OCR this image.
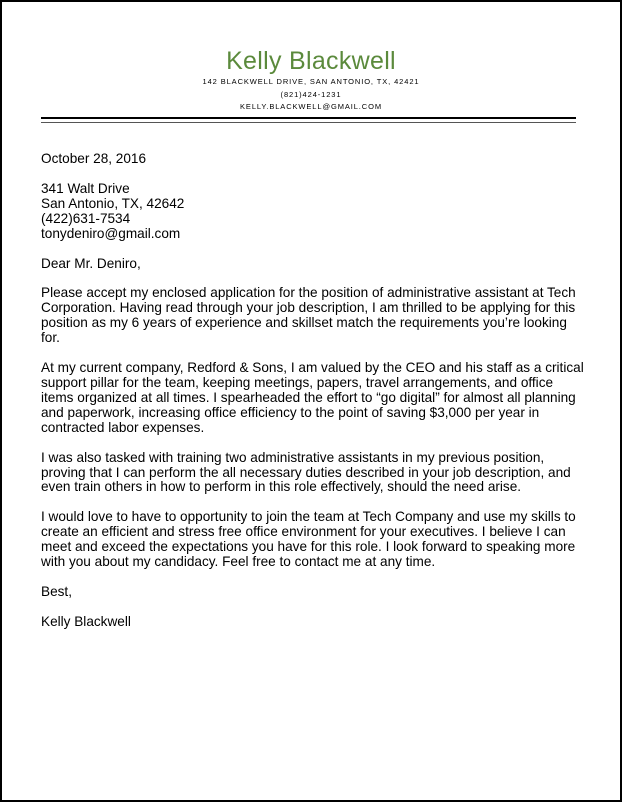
Kelly Blackwell
142 BLACKWELL DRIVE, SAN ANTONIO, TX, 42421
(821)424-1231
KELLY.BLACKWELL@GMAIL.COM

October 28, 2016

341 Walt Drive
San Antonio, TX, 42642
(422)631-7534
tonydeniro@gmail.com

Dear Mr. Deniro,

Please accept my enclosed application for the position of administrative assistant at Tech Corporation. Having read through your job description, I am thrilled to be applying for this position as my 6 years of experience and skillset match the requirements you’re looking for.

At my current company, Redford & Sons, I am valued by the CEO and his staff as a critical support pillar for the team, keeping meetings, papers, travel arrangements, and office items organized at all times. I spearheaded the effort to “go digital” for almost all planning and paperwork, increasing office efficiency to the point of saving $3,000 per year in contracted labor expenses.

I was also tasked with training two administrative assistants in my previous position, proving that I can perform the all necessary duties described in your job description, and even train others in how to perform in this role effectively, should the need arise.

I would love to have to opportunity to join the team at Tech Company and use my skills to create an efficient and stress free office environment for your executives. I believe I can meet and exceed the expectations you have for this role. I look forward to speaking more with you about my candidacy. Feel free to contact me at any time.

Best,

Kelly Blackwell
